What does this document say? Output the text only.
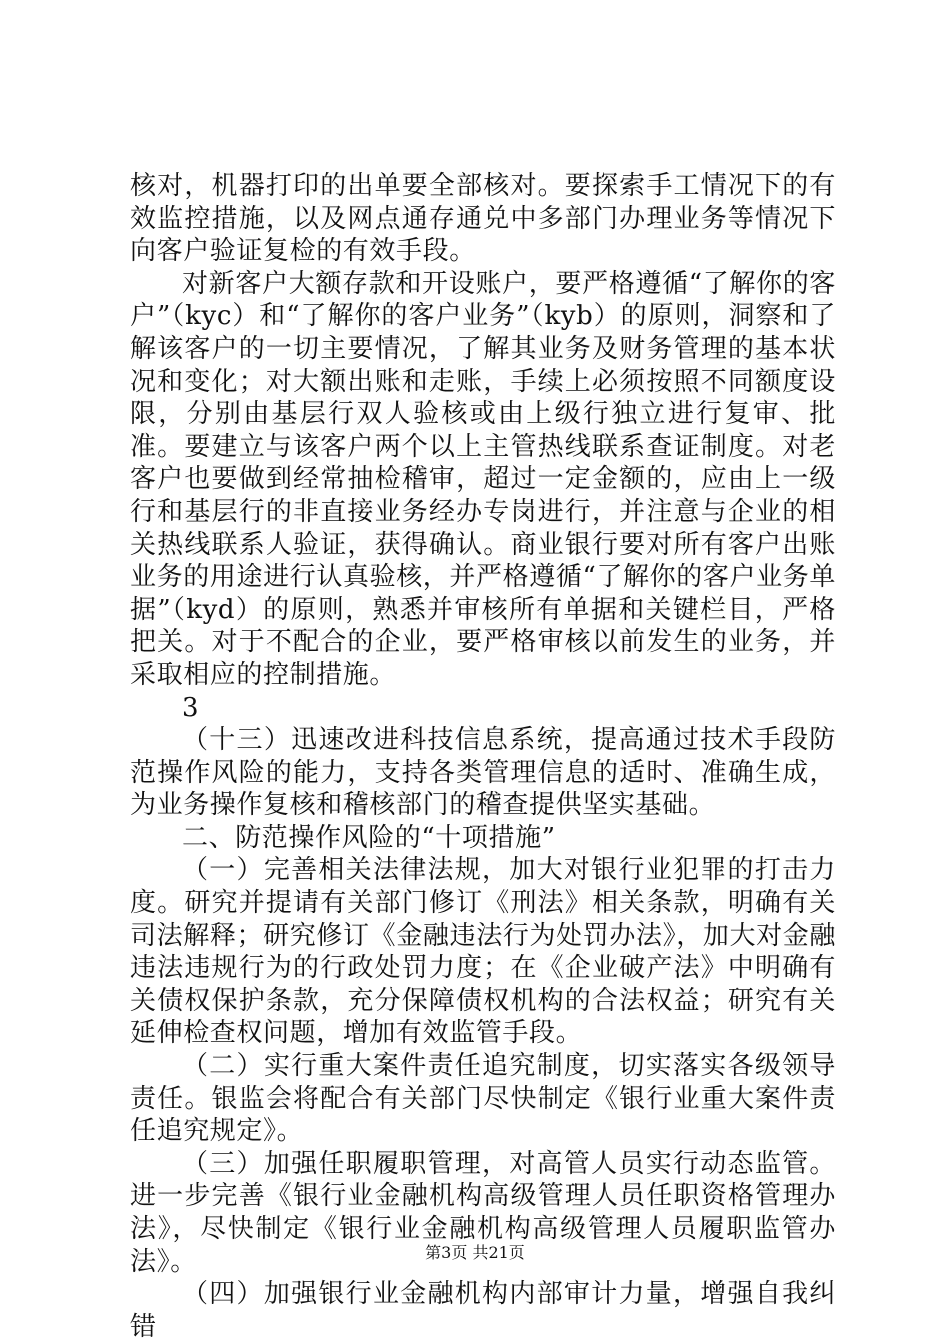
核对，机器打印的出单要全部核对。要探索手工情况下的有效监控措施，以及网点通存通兑中多部门办理业务等情况下向客户验证复检的有效手段。

对新客户大额存款和开设账户，要严格遵循“了解你的客户”（kyc）和“了解你的客户业务”（kyb）的原则，洞察和了解该客户的一切主要情况，了解其业务及财务管理的基本状况和变化；对大额出账和走账，手续上必须按照不同额度设限，分别由基层行双人验核或由上级行独立进行复审、批准。要建立与该客户两个以上主管热线联系查证制度。对老客户也要做到经常抽检稽审，超过一定金额的，应由上一级行和基层行的非直接业务经办专岗进行，并注意与企业的相关热线联系人验证，获得确认。商业银行要对所有客户出账业务的用途进行认真验核，并严格遵循“了解你的客户业务单据”（kyd）的原则，熟悉并审核所有单据和关键栏目，严格把关。对于不配合的企业，要严格审核以前发生的业务，并采取相应的控制措施。

3

（十三）迅速改进科技信息系统，提高通过技术手段防范操作风险的能力，支持各类管理信息的适时、准确生成，为业务操作复核和稽核部门的稽查提供坚实基础。

二、防范操作风险的“十项措施”

（一）完善相关法律法规，加大对银行业犯罪的打击力度。研究并提请有关部门修订《刑法》相关条款，明确有关司法解释；研究修订《金融违法行为处罚办法》，加大对金融违法违规行为的行政处罚力度；在《企业破产法》中明确有关债权保护条款，充分保障债权机构的合法权益；研究有关延伸检查权问题，增加有效监管手段。

（二）实行重大案件责任追究制度，切实落实各级领导责任。银监会将配合有关部门尽快制定《银行业重大案件责任追究规定》。

（三）加强任职履职管理，对高管人员实行动态监管。进一步完善《银行业金融机构高级管理人员任职资格管理办法》，尽快制定《银行业金融机构高级管理人员履职监管办法》。

（四）加强银行业金融机构内部审计力量，增强自我纠错

第3页 共21页
